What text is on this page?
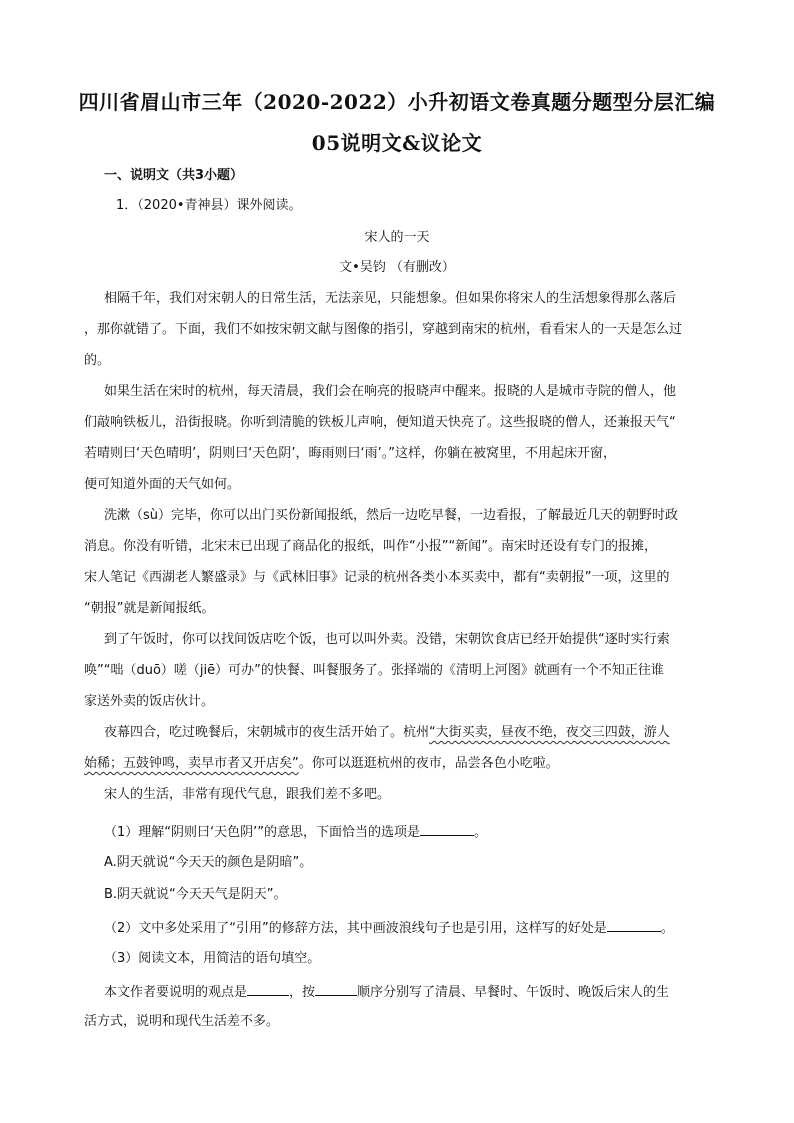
四川省眉山市三年（2020-2022）小升初语文卷真题分题型分层汇编
05说明文&议论文

一、说明文（共3小题）

1．（2020•青神县）课外阅读。

宋人的一天

文•吴钧 （有删改）

相隔千年，我们对宋朝人的日常生活，无法亲见，只能想象。但如果你将宋人的生活想象得那么落后

，那你就错了。下面，我们不如按宋朝文献与图像的指引，穿越到南宋的杭州，看看宋人的一天是怎么过

的。

如果生活在宋时的杭州，每天清晨，我们会在响亮的报晓声中醒来。报晓的人是城市寺院的僧人，他

们敲响铁板儿，沿街报晓。你听到清脆的铁板儿声响，便知道天快亮了。这些报晓的僧人，还兼报天气“

若晴则曰‘天色晴明’，阴则曰‘天色阴’，晦雨则曰‘雨’。”这样，你躺在被窝里，不用起床开窗，

便可知道外面的天气如何。

洗漱（sù）完毕，你可以出门买份新闻报纸，然后一边吃早餐，一边看报，了解最近几天的朝野时政

消息。你没有听错，北宋末已出现了商品化的报纸，叫作“小报”“新闻”。南宋时还设有专门的报摊，

宋人笔记《西湖老人繁盛录》与《武林旧事》记录的杭州各类小本买卖中，都有“卖朝报”一项，这里的

“朝报”就是新闻报纸。

到了午饭时，你可以找间饭店吃个饭，也可以叫外卖。没错，宋朝饮食店已经开始提供“逐时实行索

唤”“咄（duō）嗟（jiē）可办”的快餐、叫餐服务了。张择端的《清明上河图》就画有一个不知正往谁

家送外卖的饭店伙计。

夜幕四合，吃过晚餐后，宋朝城市的夜生活开始了。杭州“大街买卖，昼夜不绝，夜交三四鼓，游人

始稀；五鼓钟鸣，卖早市者又开店矣”。你可以逛逛杭州的夜市，品尝各色小吃啦。

宋人的生活，非常有现代气息，跟我们差不多吧。

（1）理解“阴则曰‘天色阴’”的意思，下面恰当的选项是	。

A.阴天就说“今天天的颜色是阴暗”。

B.阴天就说“今天天气是阴天”。

（2）文中多处采用了“引用”的修辞方法，其中画波浪线句子也是引用，这样写的好处是	。

（3）阅读文本，用简洁的语句填空。

本文作者要说明的观点是	，按	顺序分别写了清晨、早餐时、午饭时、晚饭后宋人的生

活方式，说明和现代生活差不多。
